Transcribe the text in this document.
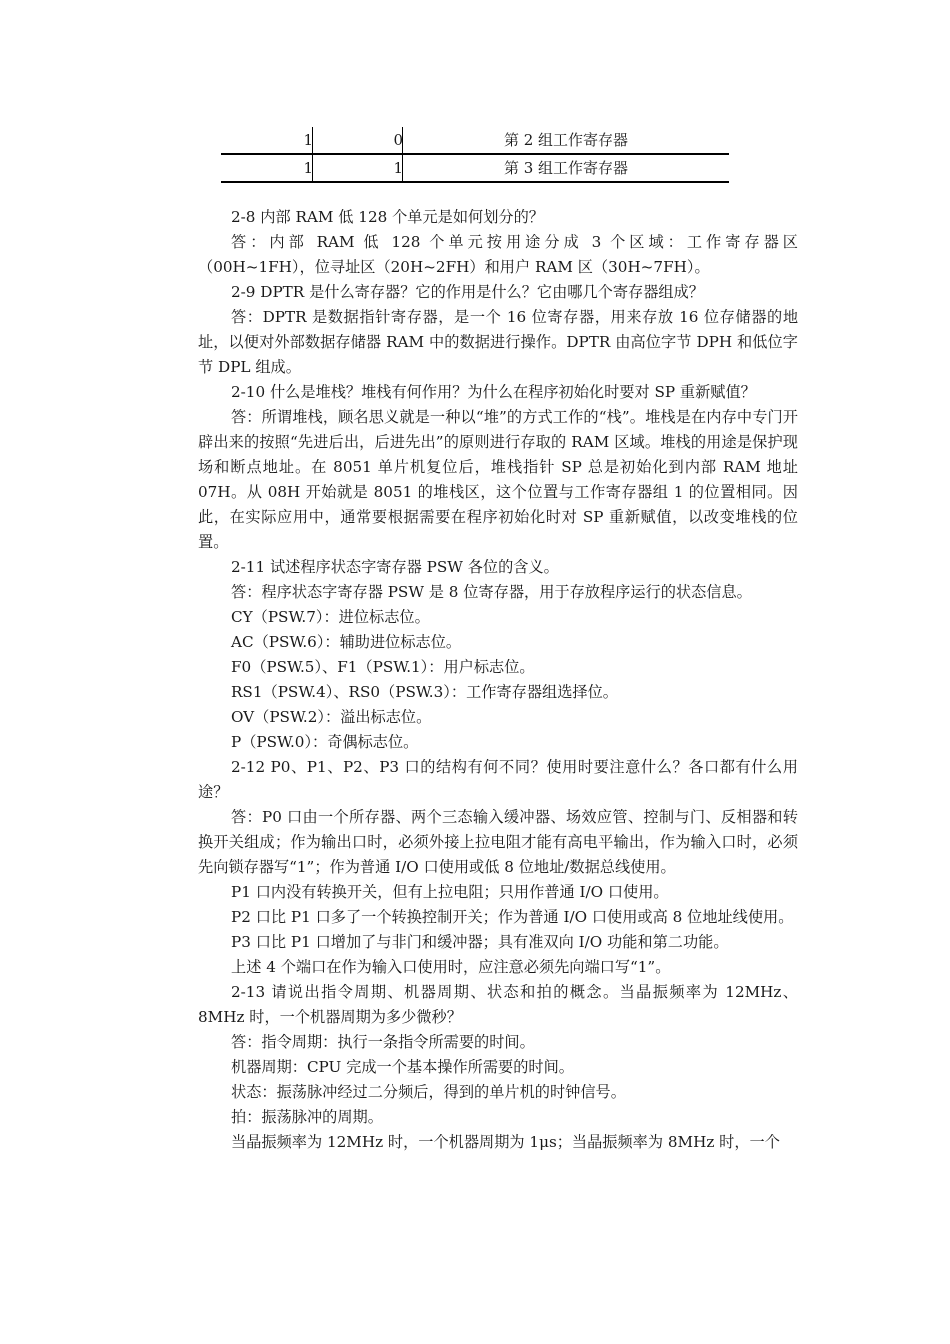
1	0	第 2 组工作寄存器
1	1	第 3 组工作寄存器

2-8 内部 RAM 低 128 个单元是如何划分的？

答：内部 RAM 低 128 个单元按用途分成 3 个区域：工作寄存器区（00H~1FH），位寻址区（20H~2FH）和用户 RAM 区（30H~7FH）。

2-9 DPTR 是什么寄存器？它的作用是什么？它由哪几个寄存器组成？

答：DPTR 是数据指针寄存器，是一个 16 位寄存器，用来存放 16 位存储器的地址，以便对外部数据存储器 RAM 中的数据进行操作。DPTR 由高位字节 DPH 和低位字节 DPL 组成。

2-10 什么是堆栈？堆栈有何作用？为什么在程序初始化时要对 SP 重新赋值？

答：所谓堆栈，顾名思义就是一种以“堆”的方式工作的“栈”。堆栈是在内存中专门开辟出来的按照“先进后出，后进先出”的原则进行存取的 RAM 区域。堆栈的用途是保护现场和断点地址。在 8051 单片机复位后，堆栈指针 SP 总是初始化到内部 RAM 地址 07H。从 08H 开始就是 8051 的堆栈区，这个位置与工作寄存器组 1 的位置相同。因此，在实际应用中，通常要根据需要在程序初始化时对 SP 重新赋值，以改变堆栈的位置。

2-11 试述程序状态字寄存器 PSW 各位的含义。

答：程序状态字寄存器 PSW 是 8 位寄存器，用于存放程序运行的状态信息。

CY（PSW.7）：进位标志位。

AC（PSW.6）：辅助进位标志位。

F0（PSW.5）、F1（PSW.1）：用户标志位。

RS1（PSW.4）、RS0（PSW.3）：工作寄存器组选择位。

OV（PSW.2）：溢出标志位。

P（PSW.0）：奇偶标志位。

2-12 P0、P1、P2、P3 口的结构有何不同？使用时要注意什么？各口都有什么用途？

答：P0 口由一个所存器、两个三态输入缓冲器、场效应管、控制与门、反相器和转换开关组成；作为输出口时，必须外接上拉电阻才能有高电平输出，作为输入口时，必须先向锁存器写“1”；作为普通 I/O 口使用或低 8 位地址/数据总线使用。

P1 口内没有转换开关，但有上拉电阻；只用作普通 I/O 口使用。

P2 口比 P1 口多了一个转换控制开关；作为普通 I/O 口使用或高 8 位地址线使用。

P3 口比 P1 口增加了与非门和缓冲器；具有准双向 I/O 功能和第二功能。

上述 4 个端口在作为输入口使用时，应注意必须先向端口写“1”。

2-13 请说出指令周期、机器周期、状态和拍的概念。当晶振频率为 12MHz、8MHz 时，一个机器周期为多少微秒？

答：指令周期：执行一条指令所需要的时间。

机器周期：CPU 完成一个基本操作所需要的时间。

状态：振荡脉冲经过二分频后，得到的单片机的时钟信号。

拍：振荡脉冲的周期。

当晶振频率为 12MHz 时，一个机器周期为 1μs；当晶振频率为 8MHz 时，一个
